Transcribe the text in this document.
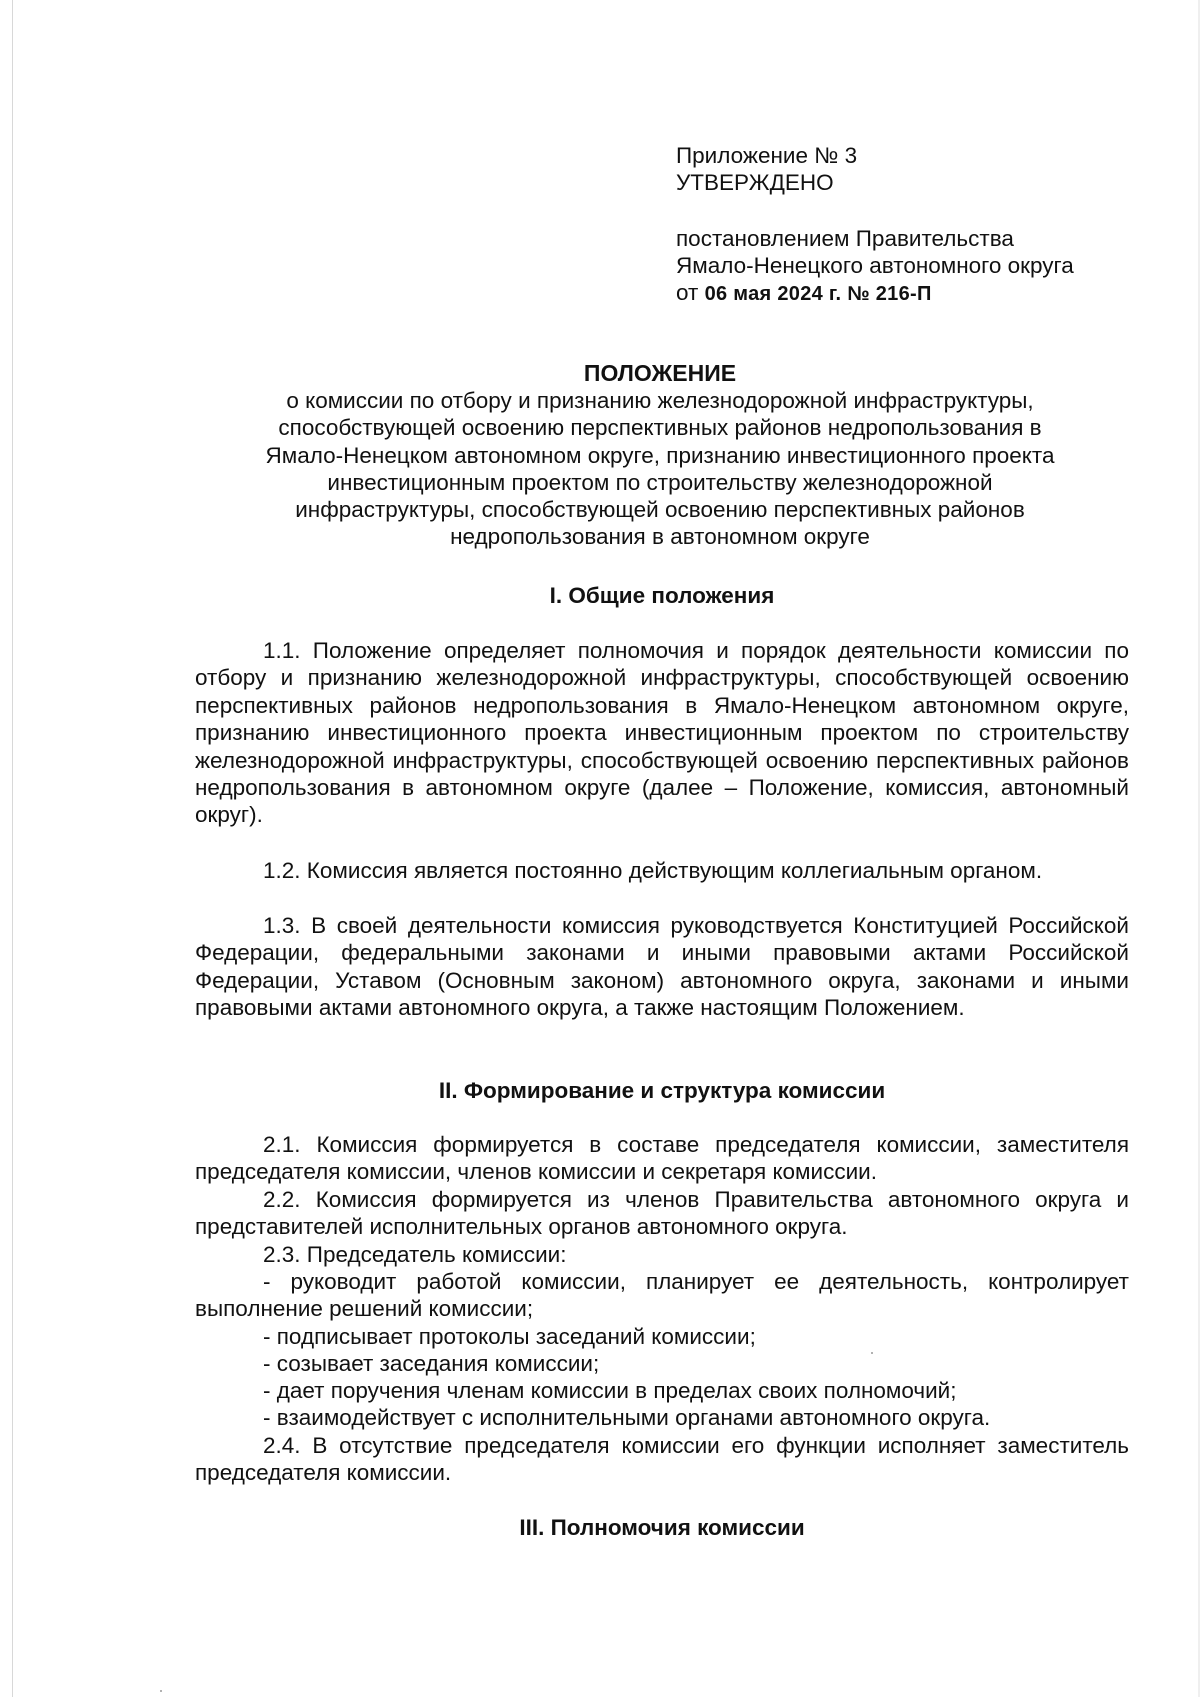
Приложение № 3
УТВЕРЖДЕНО
постановлением Правительства
Ямало-Ненецкого автономного округа
от 06 мая 2024 г. № 216-П
ПОЛОЖЕНИЕ
о комиссии по отбору и признанию железнодорожной инфраструктуры,
способствующей освоению перспективных районов недропользования в
Ямало-Ненецком автономном округе, признанию инвестиционного проекта
инвестиционным проектом по строительству железнодорожной
инфраструктуры, способствующей освоению перспективных районов
недропользования в автономном округе
I. Общие положения

1.1. Положение определяет полномочия и порядок деятельности комиссии по отбору и признанию железнодорожной инфраструктуры, способствующей освоению перспективных районов недропользования в Ямало-Ненецком автономном округе, признанию инвестиционного проекта инвестиционным проектом по строительству железнодорожной инфраструктуры, способствующей освоению перспективных районов недропользования в автономном округе (далее – Положение, комиссия, автономный округ).

1.2. Комиссия является постоянно действующим коллегиальным органом.

1.3. В своей деятельности комиссия руководствуется Конституцией Российской Федерации, федеральными законами и иными правовыми актами Российской Федерации, Уставом (Основным законом) автономного округа, законами и иными правовыми актами автономного округа, а также настоящим Положением.

II. Формирование и структура комиссии

2.1. Комиссия формируется в составе председателя комиссии, заместителя председателя комиссии, членов комиссии и секретаря комиссии.

2.2. Комиссия формируется из членов Правительства автономного округа и представителей исполнительных органов автономного округа.

2.3. Председатель комиссии:

- руководит работой комиссии, планирует ее деятельность, контролирует выполнение решений комиссии;

- подписывает протоколы заседаний комиссии;

- созывает заседания комиссии;

- дает поручения членам комиссии в пределах своих полномочий;

- взаимодействует с исполнительными органами автономного округа.

2.4. В отсутствие председателя комиссии его функции исполняет заместитель председателя комиссии.

III. Полномочия комиссии
